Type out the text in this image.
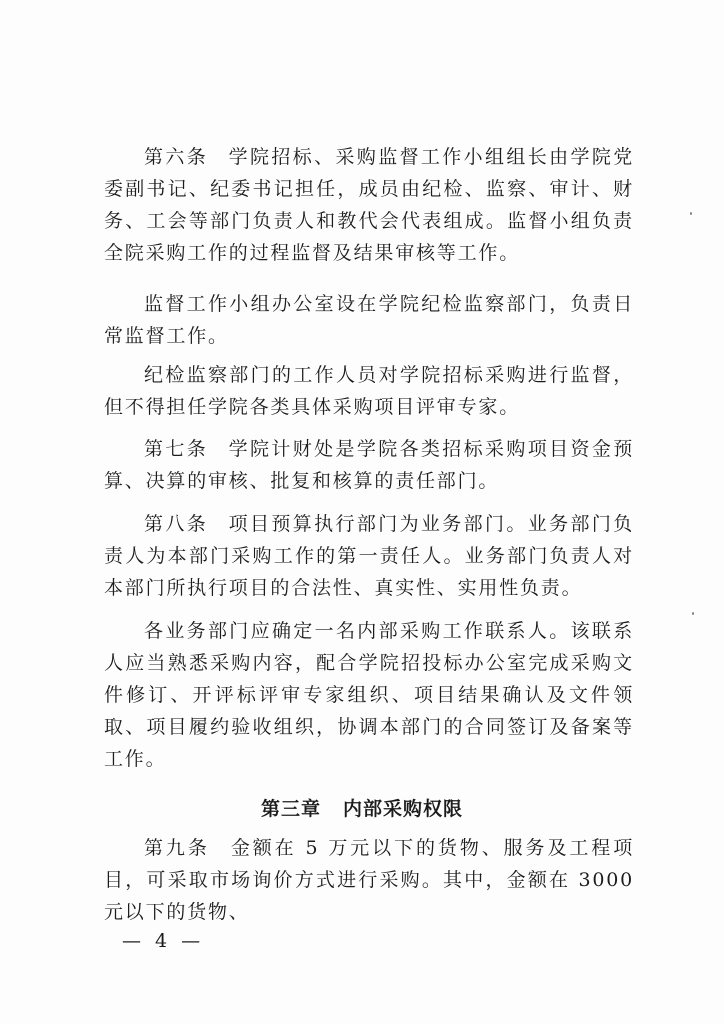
第六条 学院招标、采购监督工作小组组长由学院党委副书记、纪委书记担任，成员由纪检、监察、审计、财务、工会等部门负责人和教代会代表组成。监督小组负责全院采购工作的过程监督及结果审核等工作。

监督工作小组办公室设在学院纪检监察部门，负责日常监督工作。

纪检监察部门的工作人员对学院招标采购进行监督，但不得担任学院各类具体采购项目评审专家。

第七条 学院计财处是学院各类招标采购项目资金预算、决算的审核、批复和核算的责任部门。

第八条 项目预算执行部门为业务部门。业务部门负责人为本部门采购工作的第一责任人。业务部门负责人对本部门所执行项目的合法性、真实性、实用性负责。

各业务部门应确定一名内部采购工作联系人。该联系人应当熟悉采购内容，配合学院招投标办公室完成采购文件修订、开评标评审专家组织、项目结果确认及文件领取、项目履约验收组织，协调本部门的合同签订及备案等工作。

第三章 内部采购权限

第九条 金额在 5 万元以下的货物、服务及工程项目，可采取市场询价方式进行采购。其中，金额在 3000 元以下的货物、

— 4 —
